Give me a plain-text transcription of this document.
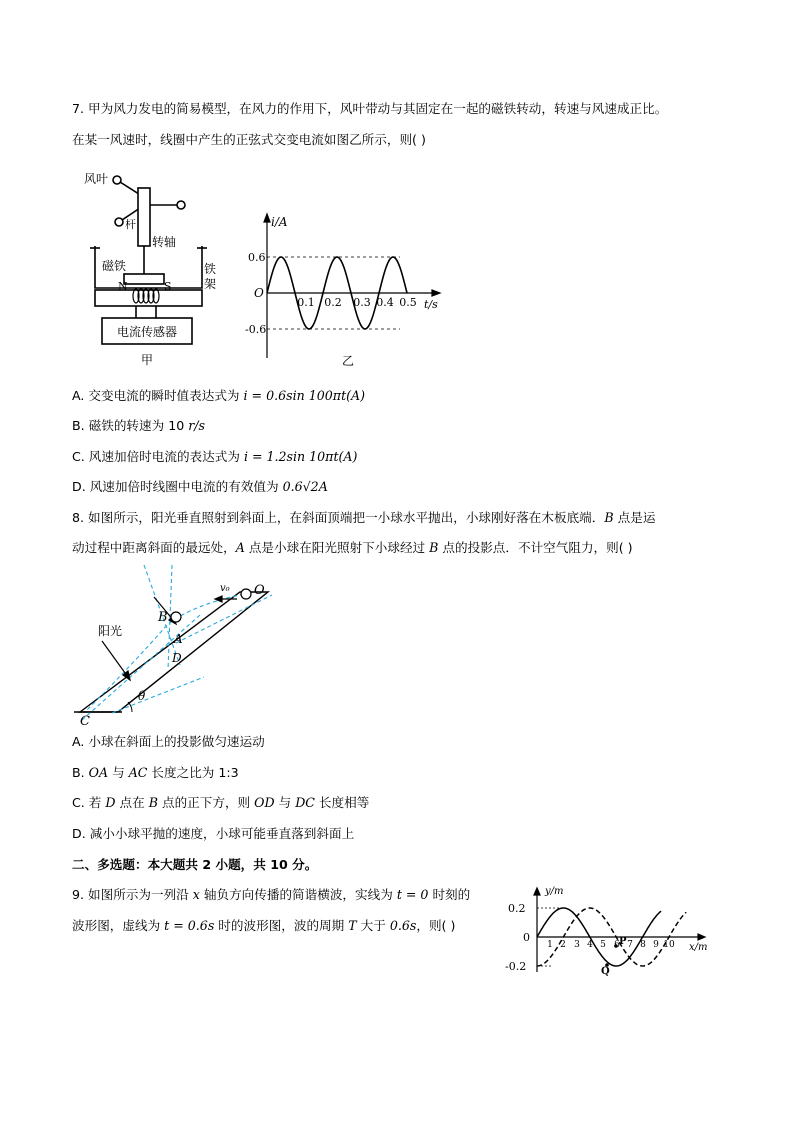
7. 甲为风力发电的简易模型，在风力的作用下，风叶带动与其固定在一起的磁铁转动，转速与风速成正比。
在某一风速时，线圈中产生的正弦式交变电流如图乙所示，则( )
风叶
杆
转轴
磁铁	铁
架
N	S
电流传感器
甲
i/A
t/s
O
0.6
-0.6
0.1 0.2 0.3 0.4 0.5
乙
A. 交变电流的瞬时值表达式为 i = 0.6sin 100πt(A)
B. 磁铁的转速为 10 r/s
C. 风速加倍时电流的表达式为 i = 1.2sin 10πt(A)
D. 风速加倍时线圈中电流的有效值为 0.6√2A
8. 如图所示，阳光垂直照射到斜面上，在斜面顶端把一小球水平抛出，小球刚好落在木板底端．B 点是运
动过程中距离斜面的最远处，A 点是小球在阳光照射下小球经过 B 点的投影点．不计空气阻力，则( )
v₀ O
B
A
D
C
θ
阳光
A. 小球在斜面上的投影做匀速运动
B. OA 与 AC 长度之比为 1:3
C. 若 D 点在 B 点的正下方，则 OD 与 DC 长度相等
D. 减小小球平抛的速度，小球可能垂直落到斜面上
二、多选题：本大题共 2 小题，共 10 分。
9. 如图所示为一列沿 x 轴负方向传播的简谐横波，实线为 t = 0 时刻的
波形图，虚线为 t = 0.6s 时的波形图，波的周期 T 大于 0.6s，则( )
y/m
x/m
0
0.2
-0.2
1 2 3 4 5 6 7 8 9 10
P
Q
